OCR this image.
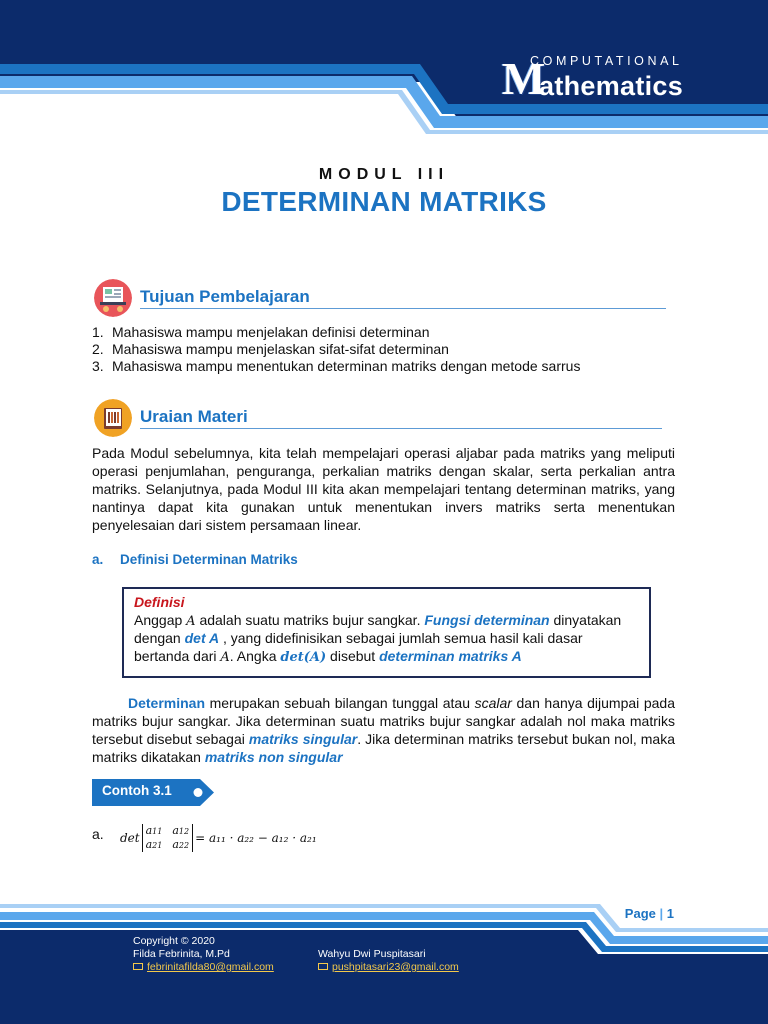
COMPUTATIONAL
M
athematics
MODUL III
DETERMINAN MATRIKS
Tujuan Pembelajaran
1. Mahasiswa mampu menjelakan definisi determinan
2. Mahasiswa mampu menjelaskan sifat-sifat determinan
3. Mahasiswa mampu menentukan determinan matriks dengan metode sarrus
Uraian Materi
Pada Modul sebelumnya, kita telah mempelajari operasi aljabar pada matriks yang meliputi
operasi penjumlahan, penguranga, perkalian matriks dengan skalar, serta perkalian antra
matriks. Selanjutnya, pada Modul III kita akan mempelajari tentang determinan matriks, yang
nantinya dapat kita gunakan untuk menentukan invers matriks serta menentukan
penyelesaian dari sistem persamaan linear.
a. Definisi Determinan Matriks
Definisi
Anggap A adalah suatu matriks bujur sangkar. Fungsi determinan dinyatakan
dengan det A , yang didefinisikan sebagai jumlah semua hasil kali dasar
bertanda dari A. Angka det(A) disebut determinan matriks A
Determinan merupakan sebuah bilangan tunggal atau scalar dan hanya dijumpai pada
matriks bujur sangkar. Jika determinan suatu matriks bujur sangkar adalah nol maka matriks
tersebut disebut sebagai matriks singular. Jika determinan matriks tersebut bukan nol, maka
matriks dikatakan matriks non singular
Contoh 3.1
a. det
a11 a12
a21 a22
= a₁₁ · a₂₂ − a₁₂ · a₂₁
Page | 1
Copyright © 2020
Filda Febrinita, M.Pd
febrinitafilda80@gmail.com
Wahyu Dwi Puspitasari
pushpitasari23@gmail.com
